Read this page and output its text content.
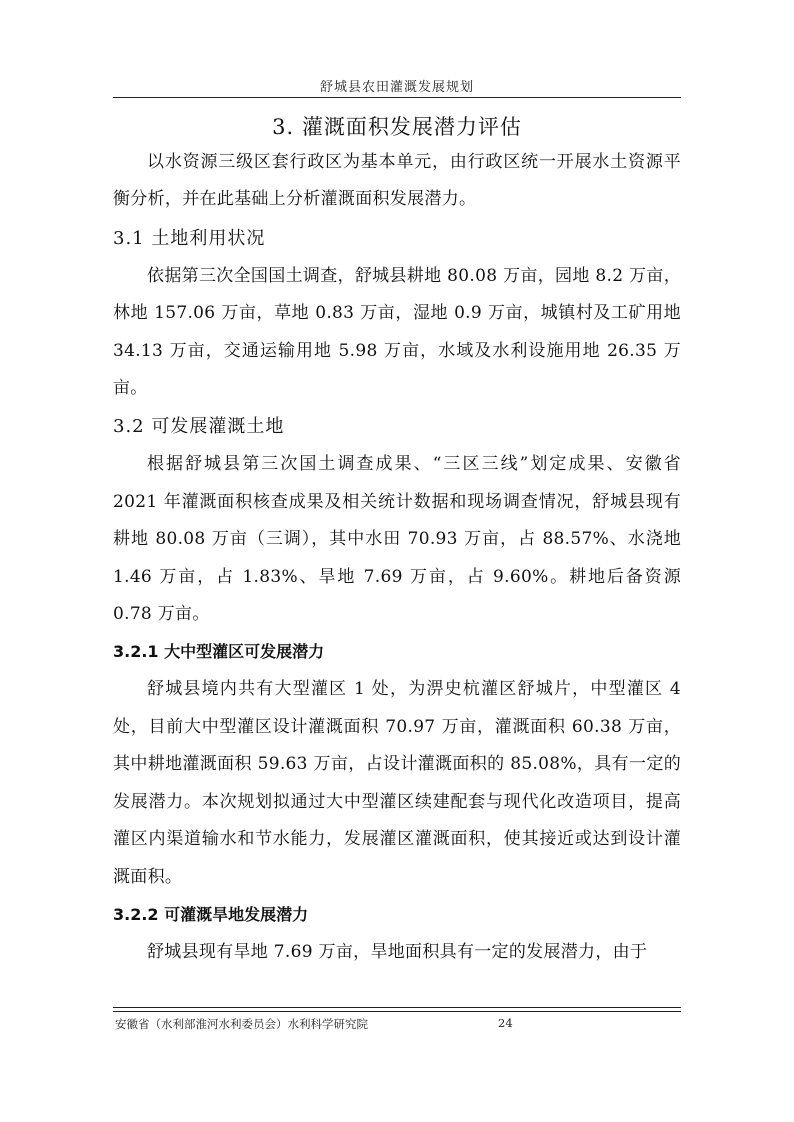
舒城县农田灌溉发展规划
3. 灌溉面积发展潜力评估

以水资源三级区套行政区为基本单元，由行政区统一开展水土资源平衡分析，并在此基础上分析灌溉面积发展潜力。

3.1 土地利用状况

依据第三次全国国土调查，舒城县耕地 80.08 万亩，园地 8.2 万亩，林地 157.06 万亩，草地 0.83 万亩，湿地 0.9 万亩，城镇村及工矿用地 34.13 万亩，交通运输用地 5.98 万亩，水域及水利设施用地 26.35 万亩。

3.2 可发展灌溉土地

根据舒城县第三次国土调查成果、“三区三线”划定成果、安徽省 2021 年灌溉面积核查成果及相关统计数据和现场调查情况，舒城县现有耕地 80.08 万亩（三调），其中水田 70.93 万亩，占 88.57%、水浇地 1.46 万亩，占 1.83%、旱地 7.69 万亩，占 9.60%。耕地后备资源 0.78 万亩。

3.2.1 大中型灌区可发展潜力

舒城县境内共有大型灌区 1 处，为淠史杭灌区舒城片，中型灌区 4 处，目前大中型灌区设计灌溉面积 70.97 万亩，灌溉面积 60.38 万亩，其中耕地灌溉面积 59.63 万亩，占设计灌溉面积的 85.08%，具有一定的发展潜力。本次规划拟通过大中型灌区续建配套与现代化改造项目，提高灌区内渠道输水和节水能力，发展灌区灌溉面积，使其接近或达到设计灌溉面积。

3.2.2 可灌溉旱地发展潜力

舒城县现有旱地 7.69 万亩，旱地面积具有一定的发展潜力，由于

安徽省（水利部淮河水利委员会）水利科学研究院	24
